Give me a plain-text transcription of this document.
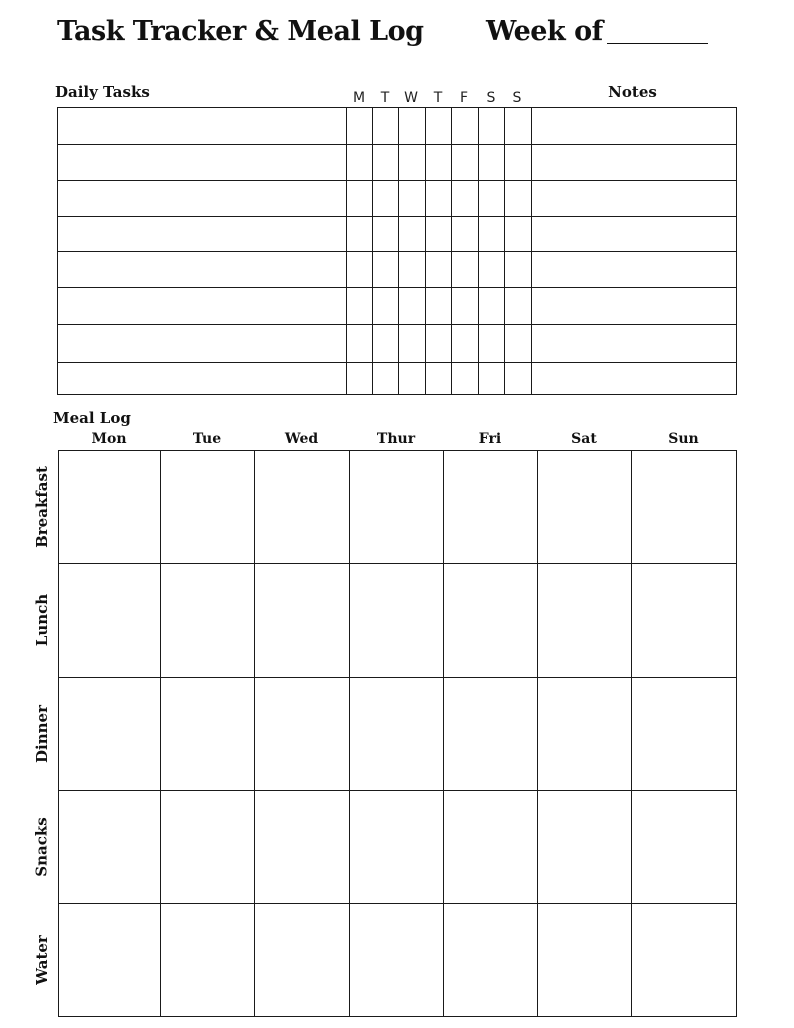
Task Tracker & Meal Log Week of
Daily Tasks	M	T	W	T	F	S	S	Notes

Meal Log
Mon	Tue	Wed	Thur	Fri	Sat	Sun
Breakfast
Lunch
Dinner
Snacks
Water
